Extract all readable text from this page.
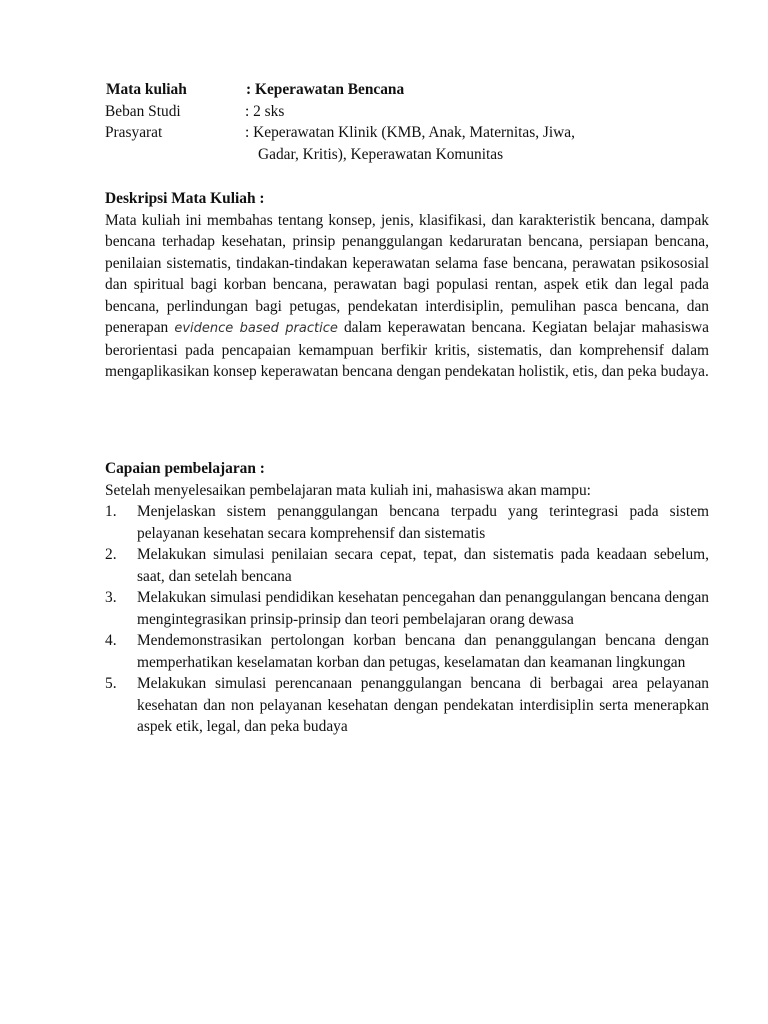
Mata kuliah	: Keperawatan Bencana
Beban Studi	: 2 sks
Prasyarat	: Keperawatan Klinik (KMB, Anak, Maternitas, Jiwa,
Gadar, Kritis), Keperawatan Komunitas
Deskripsi Mata Kuliah :
Mata kuliah ini membahas tentang konsep, jenis, klasifikasi, dan karakteristik bencana, dampak bencana terhadap kesehatan, prinsip penanggulangan kedaruratan bencana, persiapan bencana, penilaian sistematis, tindakan-tindakan keperawatan selama fase bencana, perawatan psikososial dan spiritual bagi korban bencana, perawatan bagi populasi rentan, aspek etik dan legal pada bencana, perlindungan bagi petugas, pendekatan interdisiplin, pemulihan pasca bencana, dan penerapan evidence based practice dalam keperawatan bencana. Kegiatan belajar mahasiswa berorientasi pada pencapaian kemampuan berfikir kritis, sistematis, dan komprehensif dalam mengaplikasikan konsep keperawatan bencana dengan pendekatan holistik, etis, dan peka budaya.
Capaian pembelajaran :
Setelah menyelesaikan pembelajaran mata kuliah ini, mahasiswa akan mampu:
1.	Menjelaskan sistem penanggulangan bencana terpadu yang terintegrasi pada sistem pelayanan kesehatan secara komprehensif dan sistematis
2.	Melakukan simulasi penilaian secara cepat, tepat, dan sistematis pada keadaan sebelum, saat, dan setelah bencana
3.	Melakukan simulasi pendidikan kesehatan pencegahan dan penanggulangan bencana dengan mengintegrasikan prinsip-prinsip dan teori pembelajaran orang dewasa
4.	Mendemonstrasikan pertolongan korban bencana dan penanggulangan bencana dengan memperhatikan keselamatan korban dan petugas, keselamatan dan keamanan lingkungan
5.	Melakukan simulasi perencanaan penanggulangan bencana di berbagai area pelayanan kesehatan dan non pelayanan kesehatan dengan pendekatan interdisiplin serta menerapkan aspek etik, legal, dan peka budaya
